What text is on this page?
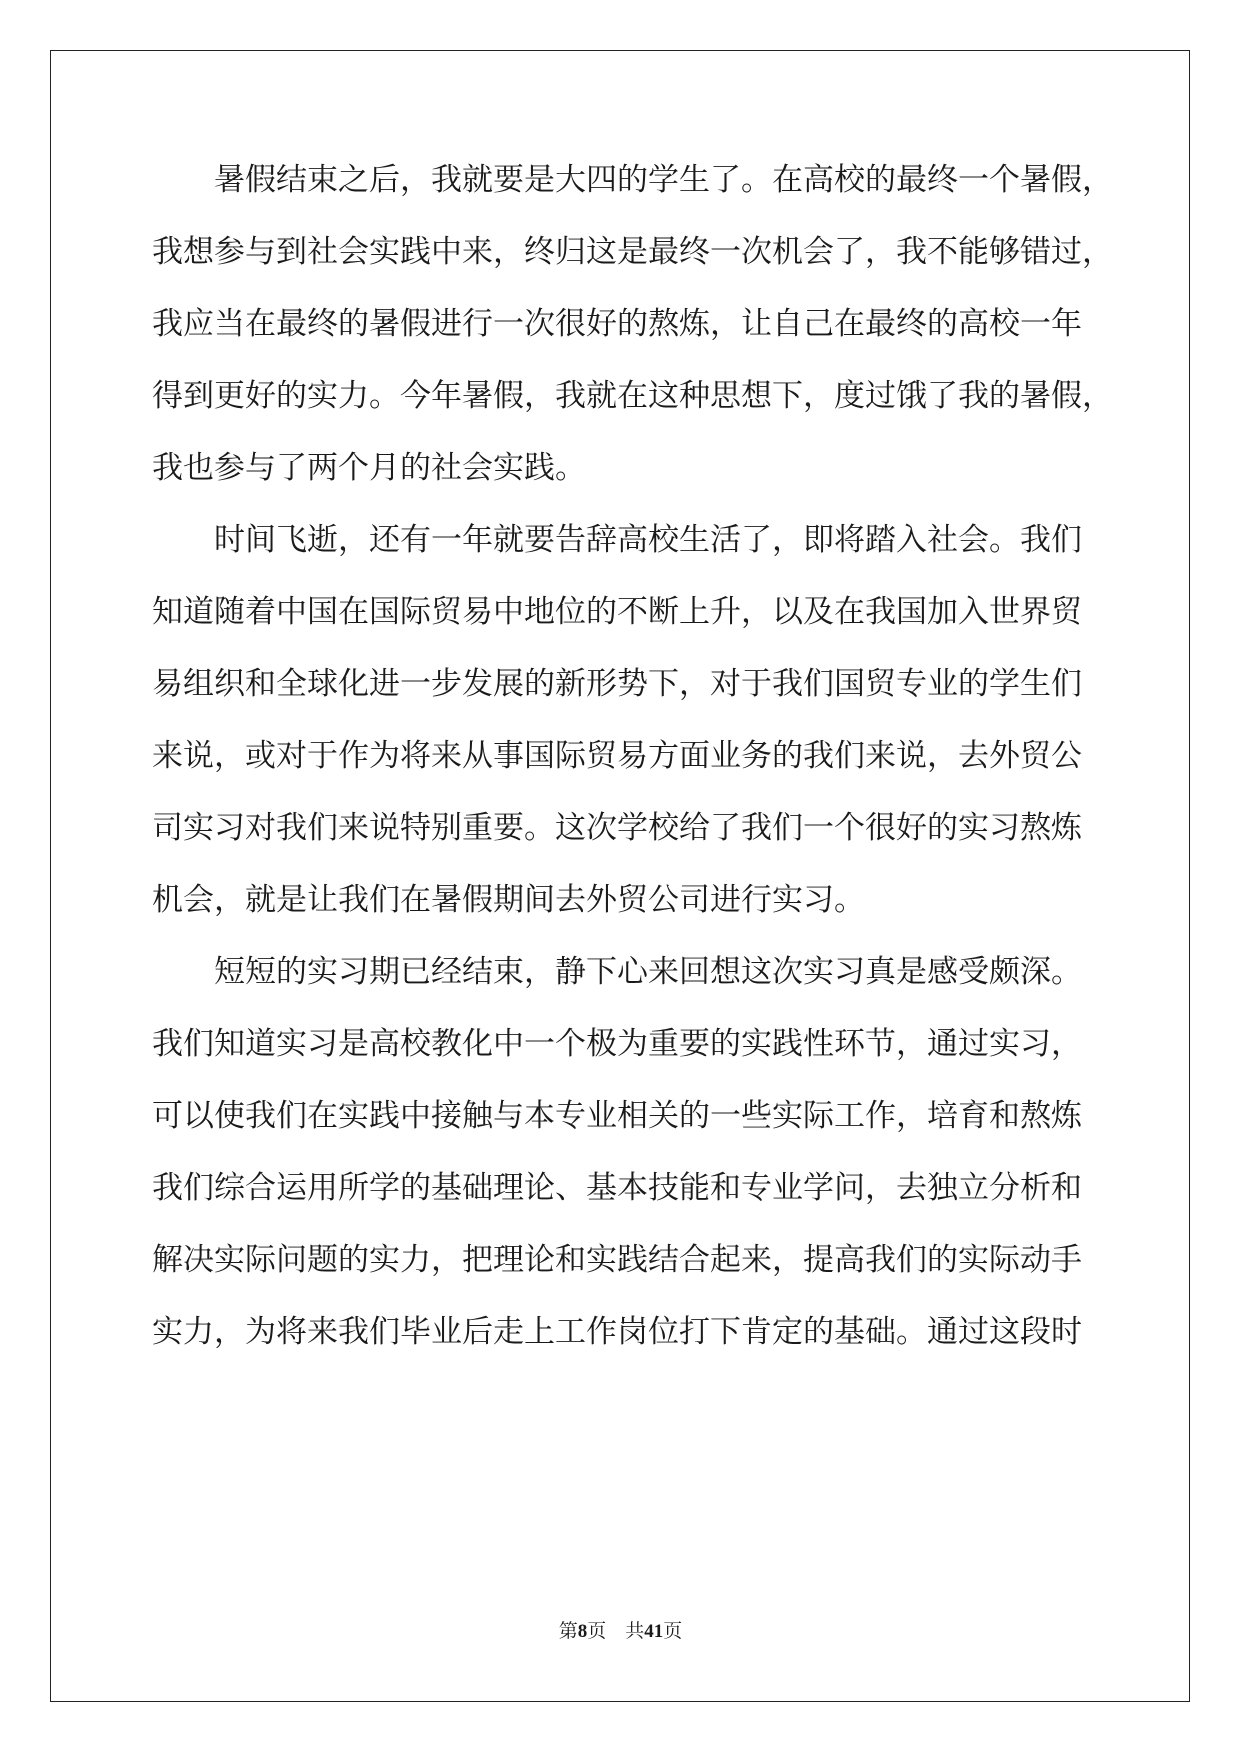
　　暑假结束之后，我就要是大四的学生了。在高校的最终一个暑假，
我想参与到社会实践中来，终归这是最终一次机会了，我不能够错过，
我应当在最终的暑假进行一次很好的熬炼，让自己在最终的高校一年
得到更好的实力。今年暑假，我就在这种思想下，度过饿了我的暑假，
我也参与了两个月的社会实践。
　　时间飞逝，还有一年就要告辞高校生活了，即将踏入社会。我们
知道随着中国在国际贸易中地位的不断上升，以及在我国加入世界贸
易组织和全球化进一步发展的新形势下，对于我们国贸专业的学生们
来说，或对于作为将来从事国际贸易方面业务的我们来说，去外贸公
司实习对我们来说特别重要。这次学校给了我们一个很好的实习熬炼
机会，就是让我们在暑假期间去外贸公司进行实习。
　　短短的实习期已经结束，静下心来回想这次实习真是感受颇深。
我们知道实习是高校教化中一个极为重要的实践性环节，通过实习，
可以使我们在实践中接触与本专业相关的一些实际工作，培育和熬炼
我们综合运用所学的基础理论、基本技能和专业学问，去独立分析和
解决实际问题的实力，把理论和实践结合起来，提高我们的实际动手
实力，为将来我们毕业后走上工作岗位打下肯定的基础。通过这段时
第8页 共41页
